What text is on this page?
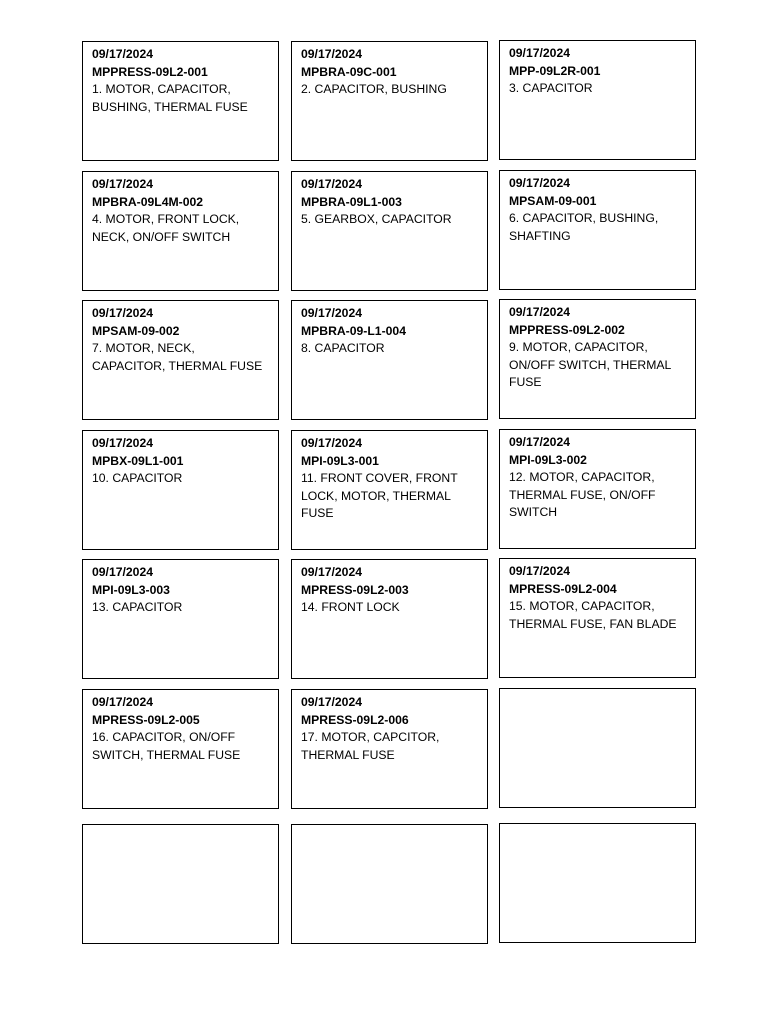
09/17/2024
MPPRESS-09L2-001
1. MOTOR, CAPACITOR, BUSHING, THERMAL FUSE
09/17/2024
MPBRA-09C-001
2. CAPACITOR, BUSHING
09/17/2024
MPP-09L2R-001
3. CAPACITOR
09/17/2024
MPBRA-09L4M-002
4. MOTOR, FRONT LOCK, NECK, ON/OFF SWITCH
09/17/2024
MPBRA-09L1-003
5. GEARBOX, CAPACITOR
09/17/2024
MPSAM-09-001
6. CAPACITOR, BUSHING, SHAFTING
09/17/2024
MPSAM-09-002
7. MOTOR, NECK, CAPACITOR, THERMAL FUSE
09/17/2024
MPBRA-09-L1-004
8. CAPACITOR
09/17/2024
MPPRESS-09L2-002
9. MOTOR, CAPACITOR, ON/OFF SWITCH, THERMAL FUSE
09/17/2024
MPBX-09L1-001
10. CAPACITOR
09/17/2024
MPI-09L3-001
11. FRONT COVER, FRONT LOCK, MOTOR, THERMAL FUSE
09/17/2024
MPI-09L3-002
12. MOTOR, CAPACITOR, THERMAL FUSE, ON/OFF SWITCH
09/17/2024
MPI-09L3-003
13. CAPACITOR
09/17/2024
MPRESS-09L2-003
14. FRONT LOCK
09/17/2024
MPRESS-09L2-004
15. MOTOR, CAPACITOR, THERMAL FUSE, FAN BLADE
09/17/2024
MPRESS-09L2-005
16. CAPACITOR, ON/OFF SWITCH, THERMAL FUSE
09/17/2024
MPRESS-09L2-006
17. MOTOR, CAPCITOR, THERMAL FUSE
